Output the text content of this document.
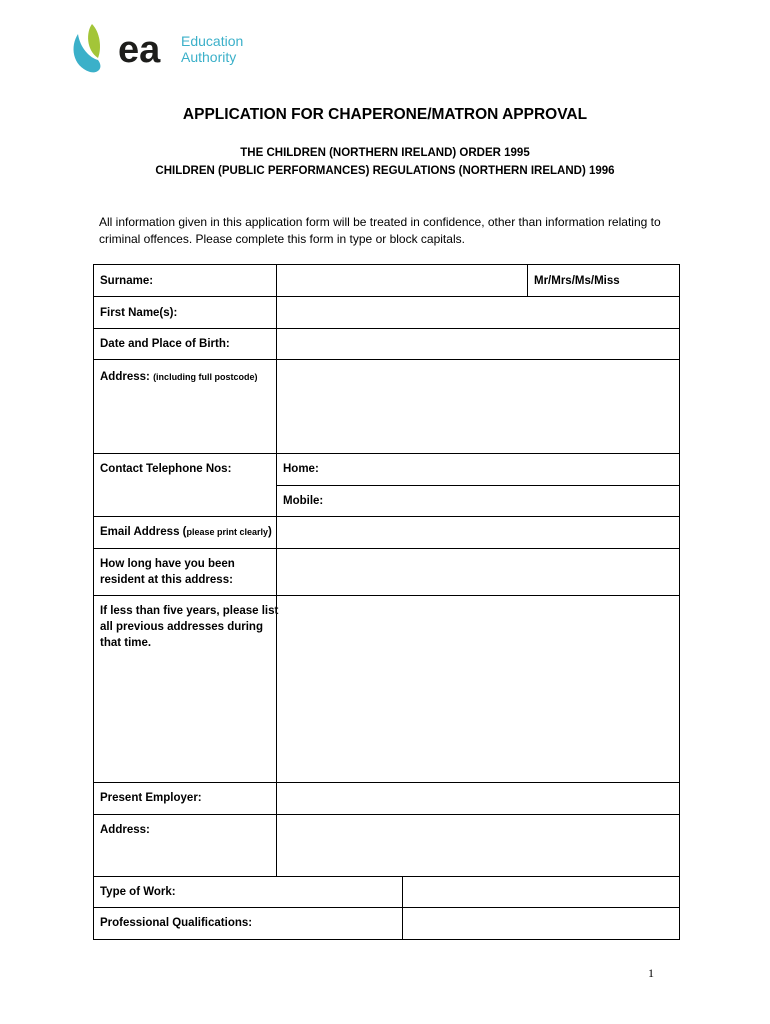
ea Education
Authority
APPLICATION FOR CHAPERONE/MATRON APPROVAL
THE CHILDREN (NORTHERN IRELAND) ORDER 1995
CHILDREN (PUBLIC PERFORMANCES) REGULATIONS (NORTHERN IRELAND) 1996
All information given in this application form will be treated in confidence, other than information relating to criminal offences. Please complete this form in type or block capitals.
Surname:	Mr/Mrs/Ms/Miss
First Name(s):
Date and Place of Birth:
Address: (including full postcode)
Contact Telephone Nos:	Home:
Mobile:
Email Address (please print clearly)
How long have you been
resident at this address:
If less than five years, please list
all previous addresses during
that time.
Present Employer:
Address:
Type of Work:
Professional Qualifications:
1
